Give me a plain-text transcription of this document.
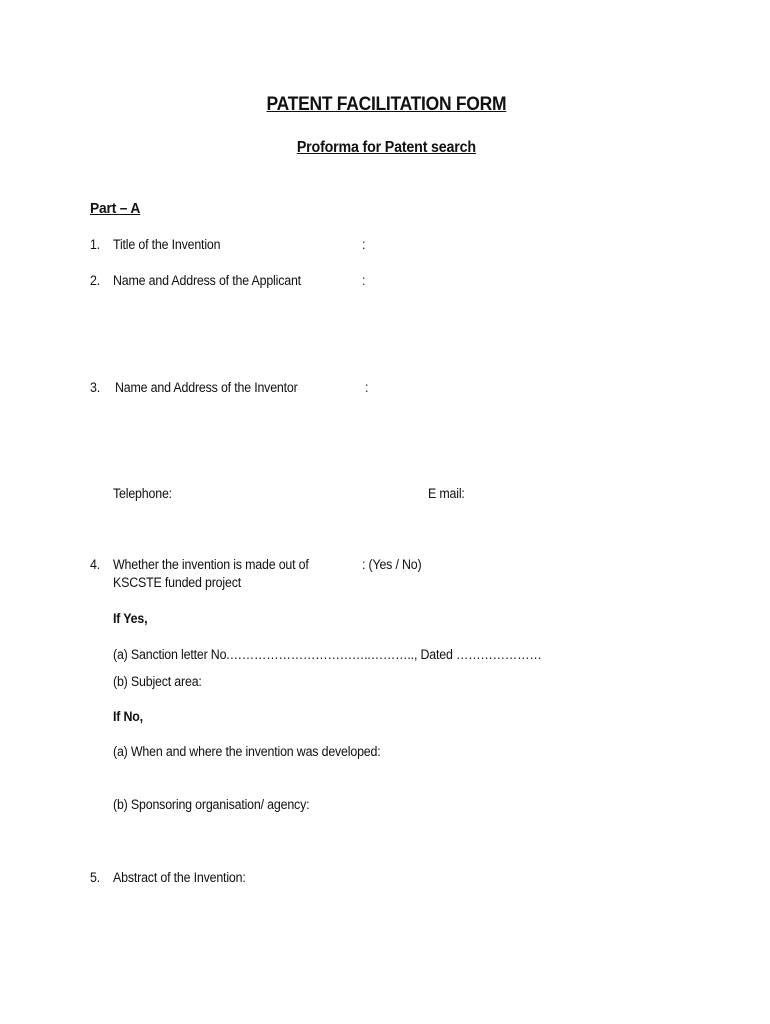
PATENT FACILITATION FORM
Proforma for Patent search
Part – A
1. Title of the Invention	:
2. Name and Address of the Applicant	:
3. Name and Address of the Inventor	:
Telephone:	E mail:
4. Whether the invention is made out of
KSCSTE funded project
: (Yes / No)
If Yes,
(a) Sanction letter No.……………………………..……….., Dated …………………
(b) Subject area:
If No,
(a) When and where the invention was developed:
(b) Sponsoring organisation/ agency:
5. Abstract of the Invention:
